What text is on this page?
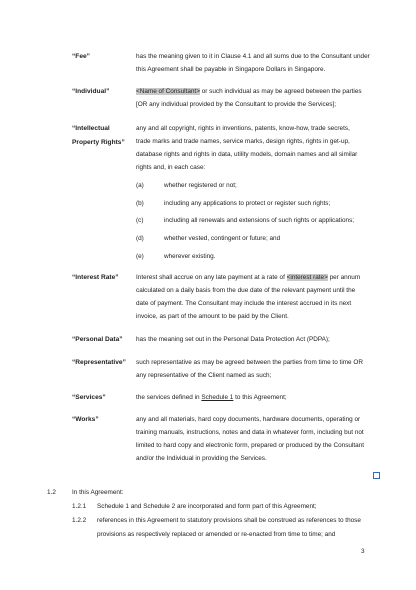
“Fee”	has the meaning given to it in Clause 4.1 and all sums due to the Consultant under
this Agreement shall be payable in Singapore Dollars in Singapore.
“Individual”	<Name of Consultant> or such individual as may be agreed between the parties
[OR any individual provided by the Consultant to provide the Services];
“Intellectual
Property Rights”
any and all copyright, rights in inventions, patents, know-how, trade secrets,
trade marks and trade names, service marks, design rights, rights in get-up,
database rights and rights in data, utility models, domain names and all similar
rights and, in each case:
(a)	whether registered or not;
(b)	including any applications to protect or register such rights;
(c)	including all renewals and extensions of such rights or applications;
(d)	whether vested, contingent or future; and
(e)	wherever existing.
“Interest Rate”	Interest shall accrue on any late payment at a rate of <interest rate> per annum
calculated on a daily basis from the due date of the relevant payment until the
date of payment. The Consultant may include the interest accrued in its next
invoice, as part of the amount to be paid by the Client.
“Personal Data” has the meaning set out in the Personal Data Protection Act (PDPA);
“Representative” such representative as may be agreed between the parties from time to time OR
any representative of the Client named as such;
“Services”	the services defined in Schedule 1 to this Agreement;
“Works”	any and all materials, hard copy documents, hardware documents, operating or
training manuals, instructions, notes and data in whatever form, including but not
limited to hard copy and electronic form, prepared or produced by the Consultant
and/or the Individual in providing the Services.
1.2	In this Agreement:
1.2.1 Schedule 1 and Schedule 2 are incorporated and form part of this Agreement;
1.2.2 references in this Agreement to statutory provisions shall be construed as references to those
provisions as respectively replaced or amended or re-enacted from time to time; and
3
